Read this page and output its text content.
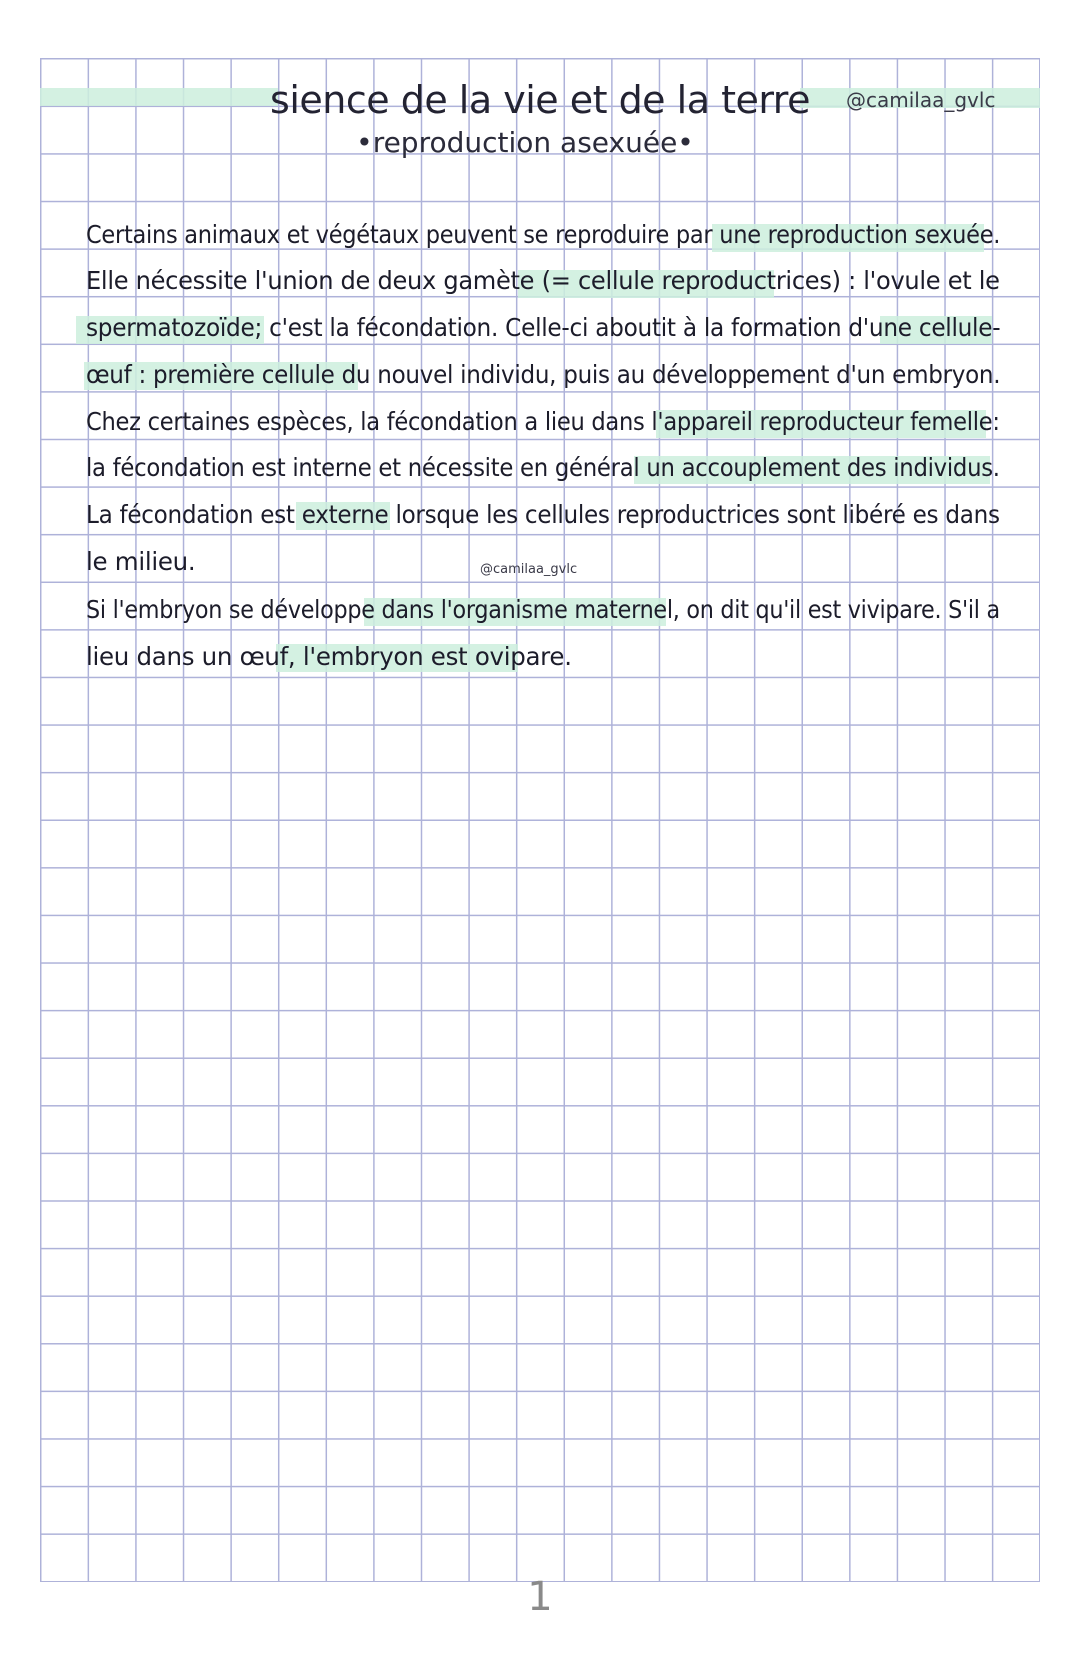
sience de la vie et de la terre
•reproduction asexuée•
@camilaa_gvlc
Certains animaux et végétaux peuvent se reproduire par une reproduction sexuée.
Elle nécessite l'union de deux gamète (= cellule reproductrices) : l'ovule et le
spermatozoïde; c'est la fécondation. Celle-ci aboutit à la formation d'une cellule-
œuf : première cellule du nouvel individu, puis au développement d'un embryon.
Chez certaines espèces, la fécondation a lieu dans l'appareil reproducteur femelle:
la fécondation est interne et nécessite en général un accouplement des individus.
La fécondation est externe lorsque les cellules reproductrices sont libéré es dans
le milieu.	@camilaa_gvlc
Si l'embryon se développe dans l'organisme maternel, on dit qu'il est vivipare. S'il a
lieu dans un œuf, l'embryon est ovipare.
1
